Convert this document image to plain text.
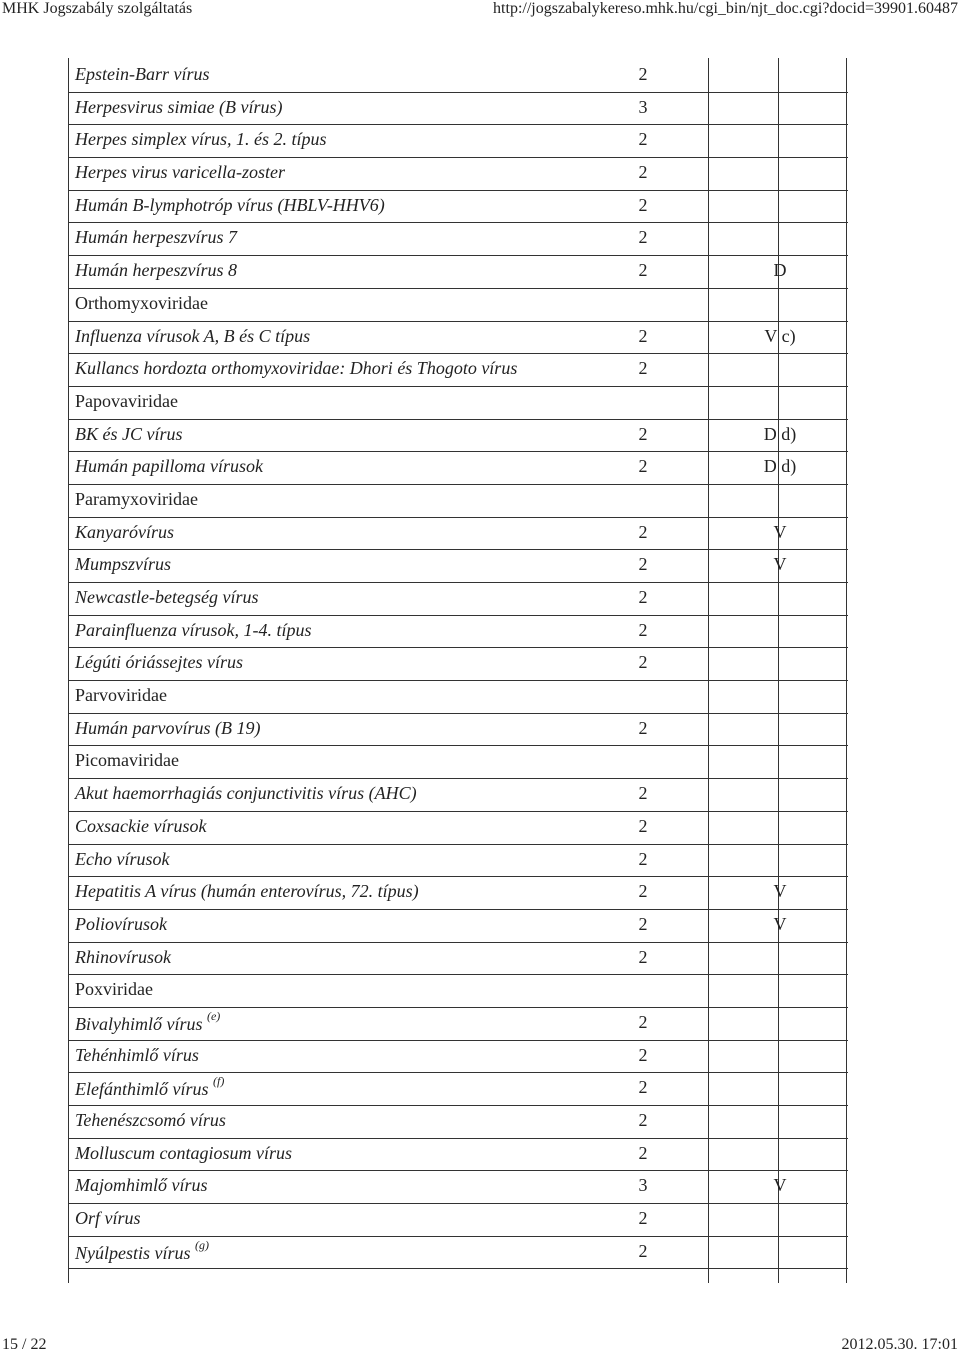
MHK Jogszabály szolgáltatás	http://jogszabalykereso.mhk.hu/cgi_bin/njt_doc.cgi?docid=39901.60487
Epstein-Barr vírus	2
Herpesvirus simiae (B vírus)	3
Herpes simplex vírus, 1. és 2. típus	2
Herpes virus varicella-zoster	2
Humán B-lymphotróp vírus (HBLV-HHV6)	2
Humán herpeszvírus 7	2
Humán herpeszvírus 8	2	D
Orthomyxoviridae
Influenza vírusok A, B és C típus	2	V c)
Kullancs hordozta orthomyxoviridae: Dhori és Thogoto vírus	2
Papovaviridae
BK és JC vírus	2	D d)
Humán papilloma vírusok	2	D d)
Paramyxoviridae
Kanyaróvírus	2	V
Mumpszvírus	2	V
Newcastle-betegség vírus	2
Parainfluenza vírusok, 1-4. típus	2
Légúti óriássejtes vírus	2
Parvoviridae
Humán parvovírus (B 19)	2
Picomaviridae
Akut haemorrhagiás conjunctivitis vírus (AHC)	2
Coxsackie vírusok	2
Echo vírusok	2
Hepatitis A vírus (humán enterovírus, 72. típus)	2	V
Poliovírusok	2	V
Rhinovírusok	2
Poxviridae
Bivalyhimlő vírus $^{(e)}$	2
Tehénhimlő vírus	2
Elefánthimlő vírus $^{(f)}$	2
Tehenészcsomó vírus	2
Molluscum contagiosum vírus	2
Majomhimlő vírus	3	V
Orf vírus	2
Nyúlpestis vírus $^{(g)}$	2
15 / 22	2012.05.30. 17:01
